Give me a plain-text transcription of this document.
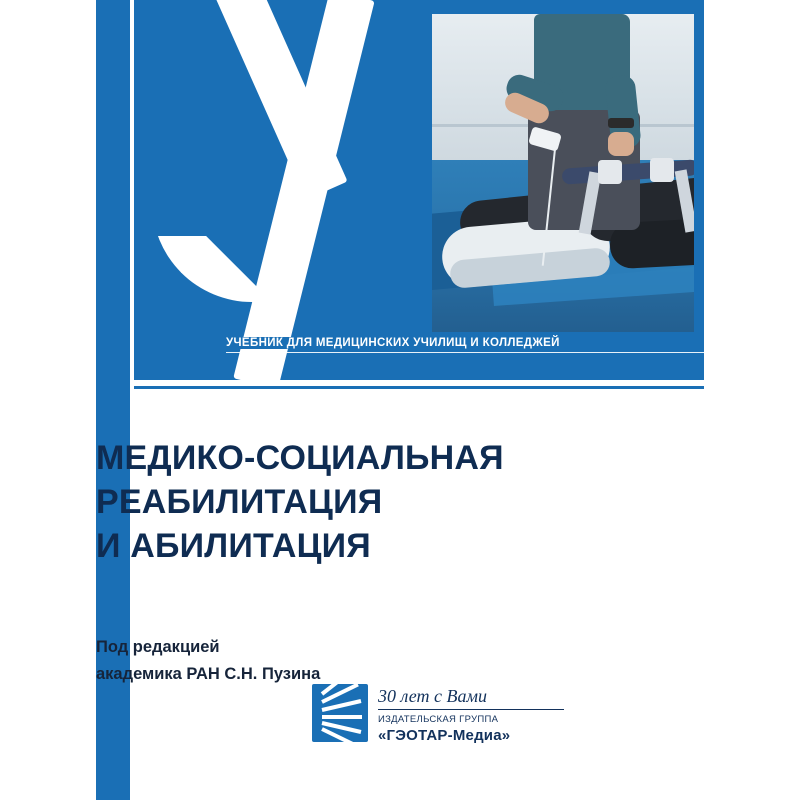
УЧЕБНИК ДЛЯ МЕДИЦИНСКИХ УЧИЛИЩ И КОЛЛЕДЖЕЙ
МЕДИКО-СОЦИАЛЬНАЯ
РЕАБИЛИТАЦИЯ
И АБИЛИТАЦИЯ
Под редакцией
академика РАН С.Н. Пузина
30 лет с Вами
ИЗДАТЕЛЬСКАЯ ГРУППА
«ГЭОТАР-Медиа»
